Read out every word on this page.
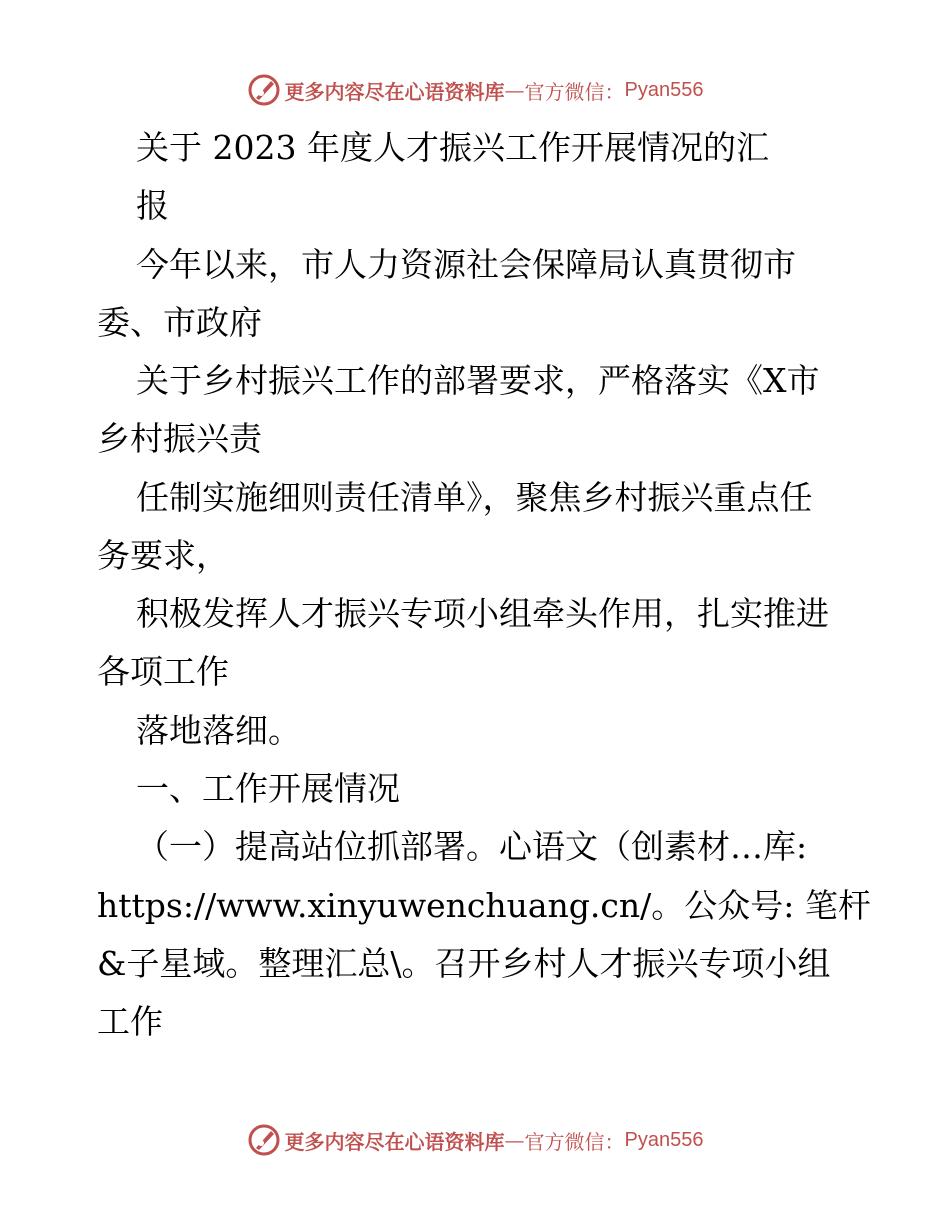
更多内容尽在心语资料库 — 官方微信： Pyan556
关于 2023 年度人才振兴工作开展情况的汇
报
今年以来，市人力资源社会保障局认真贯彻市
委、市政府
关于乡村振兴工作的部署要求，严格落实《X市
乡村振兴责
任制实施细则责任清单》，聚焦乡村振兴重点任
务要求，
积极发挥人才振兴专项小组牵头作用，扎实推进
各项工作
落地落细。
一、工作开展情况
（一）提高站位抓部署。心语文（创素材…库:
https://www.xinyuwenchuang.cn/。公众号: 笔杆
&子星域。整理汇总\。召开乡村人才振兴专项小组
工作
更多内容尽在心语资料库 — 官方微信： Pyan556
